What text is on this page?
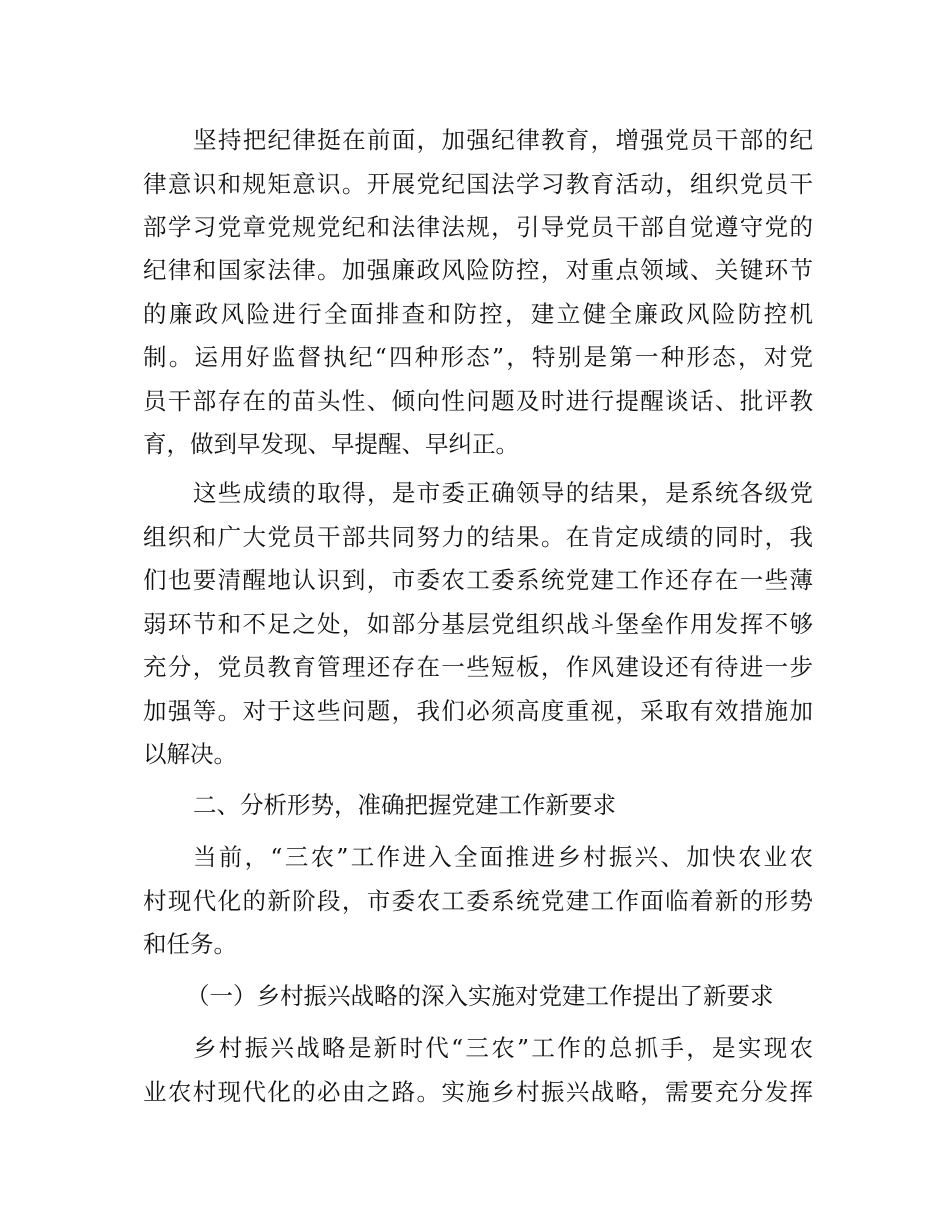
坚持把纪律挺在前面，加强纪律教育，增强党员干部的纪
律意识和规矩意识。开展党纪国法学习教育活动，组织党员干
部学习党章党规党纪和法律法规，引导党员干部自觉遵守党的
纪律和国家法律。加强廉政风险防控，对重点领域、关键环节
的廉政风险进行全面排查和防控，建立健全廉政风险防控机
制。运用好监督执纪“四种形态”，特别是第一种形态，对党
员干部存在的苗头性、倾向性问题及时进行提醒谈话、批评教
育，做到早发现、早提醒、早纠正。
这些成绩的取得，是市委正确领导的结果，是系统各级党
组织和广大党员干部共同努力的结果。在肯定成绩的同时，我
们也要清醒地认识到，市委农工委系统党建工作还存在一些薄
弱环节和不足之处，如部分基层党组织战斗堡垒作用发挥不够
充分，党员教育管理还存在一些短板，作风建设还有待进一步
加强等。对于这些问题，我们必须高度重视，采取有效措施加
以解决。
二、分析形势，准确把握党建工作新要求
当前，“三农”工作进入全面推进乡村振兴、加快农业农
村现代化的新阶段，市委农工委系统党建工作面临着新的形势
和任务。
（一）乡村振兴战略的深入实施对党建工作提出了新要求
乡村振兴战略是新时代“三农”工作的总抓手，是实现农
业农村现代化的必由之路。实施乡村振兴战略，需要充分发挥
